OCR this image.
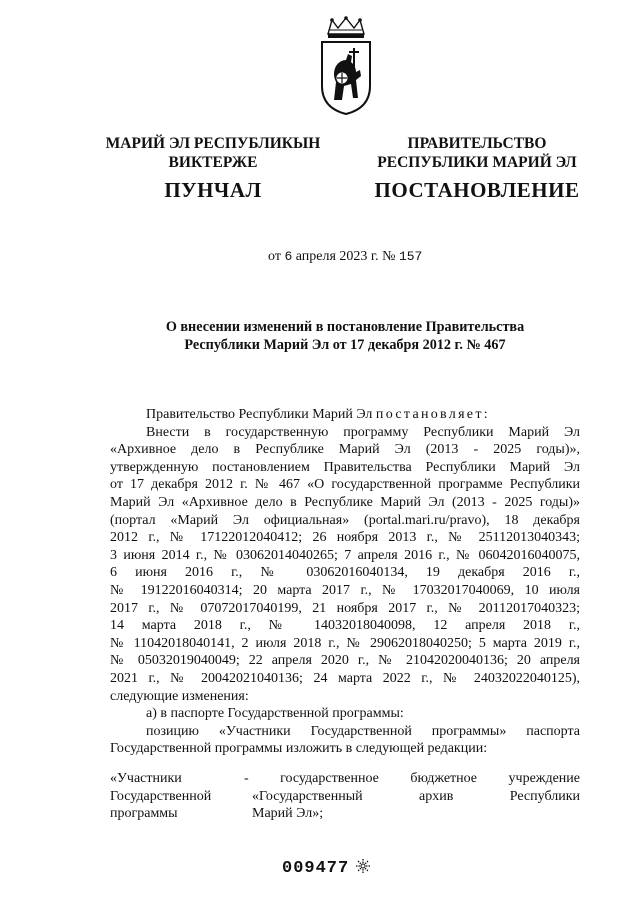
МАРИЙ ЭЛ РЕСПУБЛИКЫН
ВИКТЕРЖЕ
ПРАВИТЕЛЬСТВО
РЕСПУБЛИКИ МАРИЙ ЭЛ
ПУНЧАЛ	ПОСТАНОВЛЕНИЕ
от 6 апреля 2023 г. № 157
О внесении изменений в постановление Правительства
Республики Марий Эл от 17 декабря 2012 г. № 467

Правительство Республики Марий Эл постановляет:

Внести в государственную программу Республики Марий Эл

«Архивное дело в Республике Марий Эл (2013 - 2025 годы)»,

утвержденную постановлением Правительства Республики Марий Эл

от 17 декабря 2012 г. № 467 «О государственной программе Республики

Марий Эл «Архивное дело в Республике Марий Эл (2013 - 2025 годы)»

(портал «Марий Эл официальная» (portal.mari.ru/pravo), 18 декабря

2012 г., № 17122012040412; 26 ноября 2013 г., № 25112013040343;

3 июня 2014 г., № 03062014040265; 7 апреля 2016 г., № 06042016040075,

6 июня 2016 г., № 03062016040134, 19 декабря 2016 г.,

№ 19122016040314; 20 марта 2017 г., № 17032017040069, 10 июля

2017 г., № 07072017040199, 21 ноября 2017 г., № 20112017040323;

14 марта 2018 г., № 14032018040098, 12 апреля 2018 г.,

№ 11042018040141, 2 июля 2018 г., № 29062018040250; 5 марта 2019 г.,

№ 05032019040049; 22 апреля 2020 г., № 21042020040136; 20 апреля

2021 г., № 20042021040136; 24 марта 2022 г., № 24032022040125),

следующие изменения:

а) в паспорте Государственной программы:

позицию «Участники Государственной программы» паспорта

Государственной программы изложить в следующей редакции:

«Участники
Государственной
программы
- государственное бюджетное учреждение
«Государственный архив Республики
Марий Эл»;
009477
